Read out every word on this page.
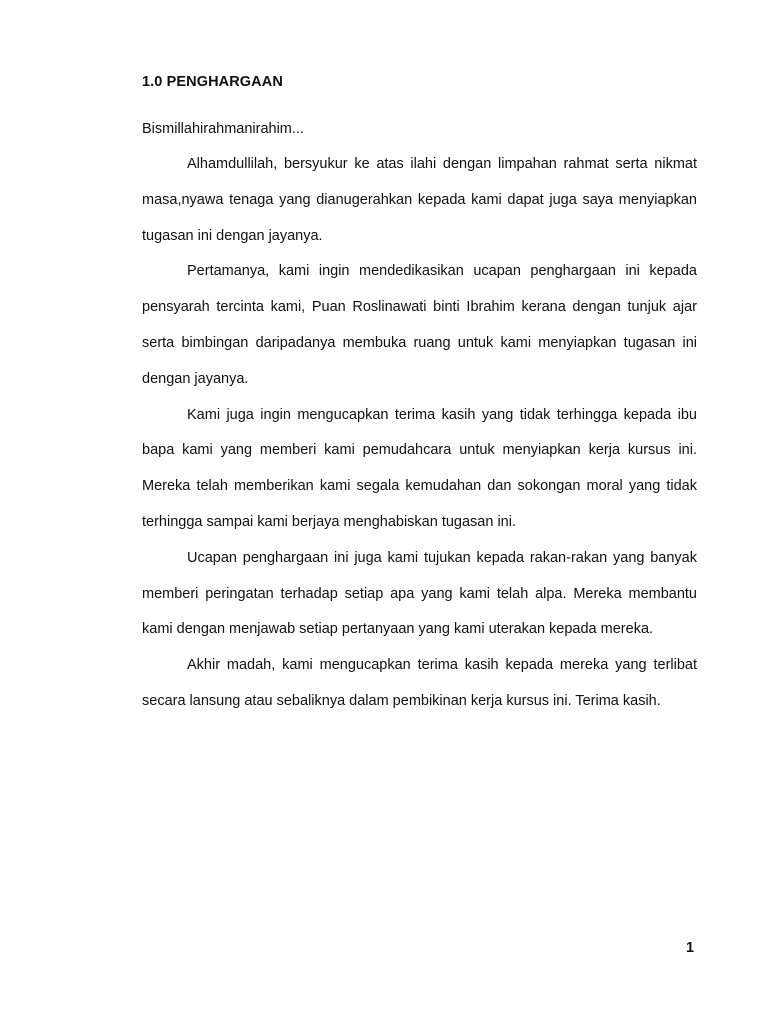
1.0 PENGHARGAAN

Bismillahirahmanirahim...

Alhamdullilah, bersyukur ke atas ilahi dengan limpahan rahmat serta nikmat masa,nyawa tenaga yang dianugerahkan kepada kami dapat juga saya menyiapkan tugasan ini dengan jayanya.

Pertamanya, kami ingin mendedikasikan ucapan penghargaan ini kepada pensyarah tercinta kami, Puan Roslinawati binti Ibrahim kerana dengan tunjuk ajar serta bimbingan daripadanya membuka ruang untuk kami menyiapkan tugasan ini dengan jayanya.

Kami juga ingin mengucapkan terima kasih yang tidak terhingga kepada ibu bapa kami yang memberi kami pemudahcara untuk menyiapkan kerja kursus ini. Mereka telah memberikan kami segala kemudahan dan sokongan moral yang tidak terhingga sampai kami berjaya menghabiskan tugasan ini.

Ucapan penghargaan ini juga kami tujukan kepada rakan-rakan yang banyak memberi peringatan terhadap setiap apa yang kami telah alpa. Mereka membantu kami dengan menjawab setiap pertanyaan yang kami uterakan kepada mereka.

Akhir madah, kami mengucapkan terima kasih kepada mereka yang terlibat secara lansung atau sebaliknya dalam pembikinan kerja kursus ini. Terima kasih.

1
